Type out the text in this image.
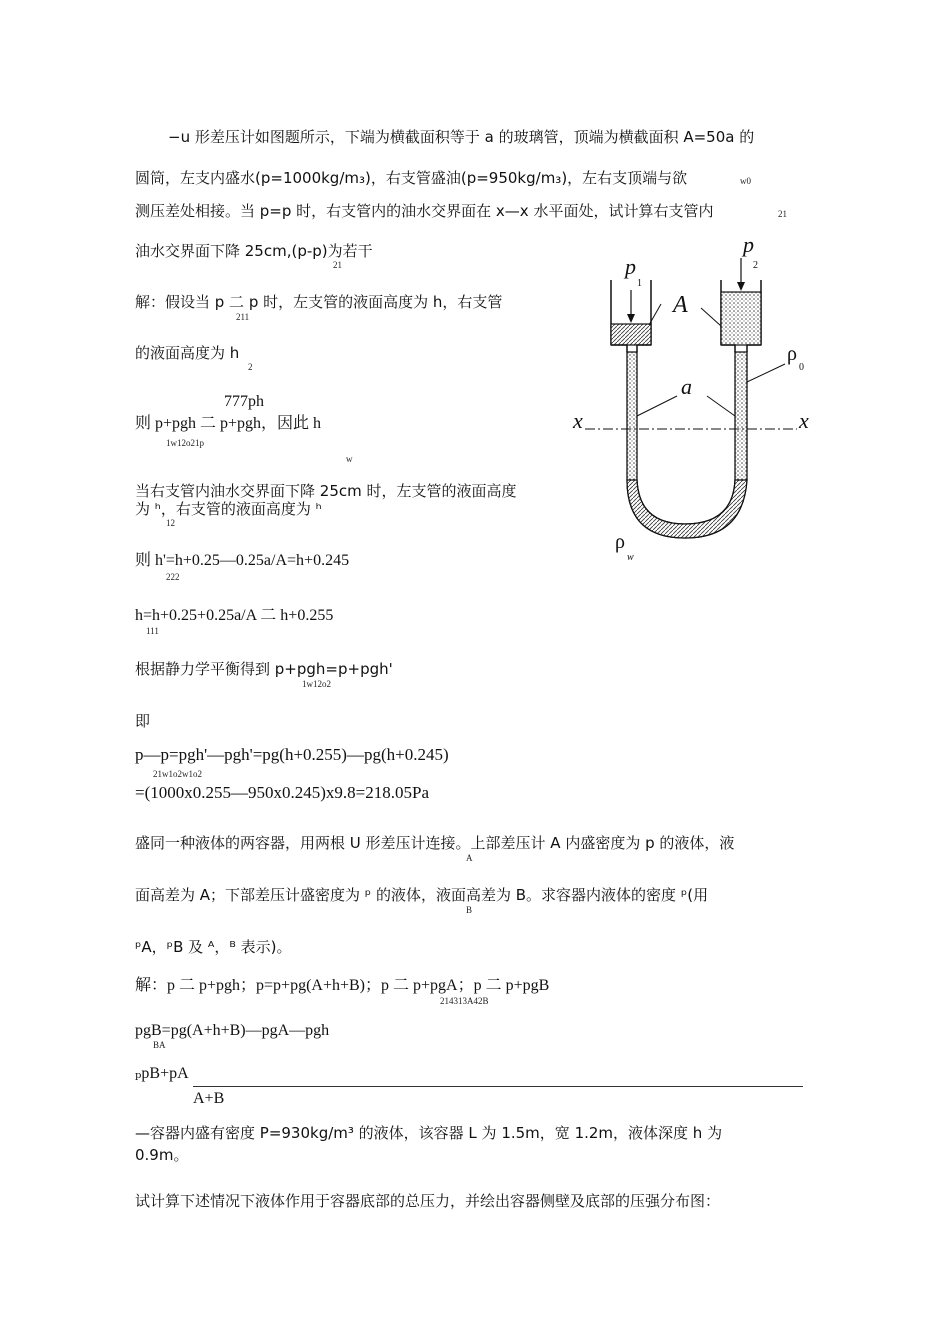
−u 形差压计如图题所示，下端为横截面积等于 a 的玻璃管，顶端为横截面积 A=50a 的
圆筒，左支内盛水(p=1000kg/m₃)，右支管盛油(p=950kg/m₃)，左右支顶端与欲	w0
测压差处相接。当 p=p 时，右支管内的油水交界面在 x—x 水平面处，试计算右支管内	21
油水交界面下降 25cm,(p-p)为若干
21
解：假设当 p 二 p 时，左支管的液面高度为 h，右支管
211
的液面高度为 h
2
777ph
则 p+pgh 二 p+pgh，因此 h
1w12o21p
w
当右支管内油水交界面下降 25cm 时，左支管的液面高度
为 ʰ，右支管的液面高度为 ʰ
12
则 h'=h+0.25—0.25a/A=h+0.245
222
h=h+0.25+0.25a/A 二 h+0.255
111
根据静力学平衡得到 p+pgh=p+pgh'
1w12o2
即
p—p=pgh'—pgh'=pg(h+0.255)—pg(h+0.245)
21w1o2w1o2
=(1000x0.255—950x0.245)x9.8=218.05Pa
盛同一种液体的两容器，用两根 U 形差压计连接。上部差压计 A 内盛密度为 p 的液体，液
A
面高差为 A；下部差压计盛密度为 ᵖ 的液体，液面高差为 B。求容器内液体的密度 ᵖ(用
B
ᵖA，ᵖB 及 ᴬ，ᴮ 表示)。
解：p 二 p+pgh；p=p+pg(A+h+B)；p 二 p+pgA；p 二 p+pgB
214313A42B
pgB=pg(A+h+B)—pgA—pgh
BA
ₚpB+pA
A+B
—容器内盛有密度 P=930kg/m³ 的液体，该容器 L 为 1.5m，宽 1.2m，液体深度 h 为
0.9m。
试计算下述情况下液体作用于容器底部的总压力，并绘出容器侧壁及底部的压强分布图：
p
1
p
2
A
a
ρ
0
x	x
ρ
w
